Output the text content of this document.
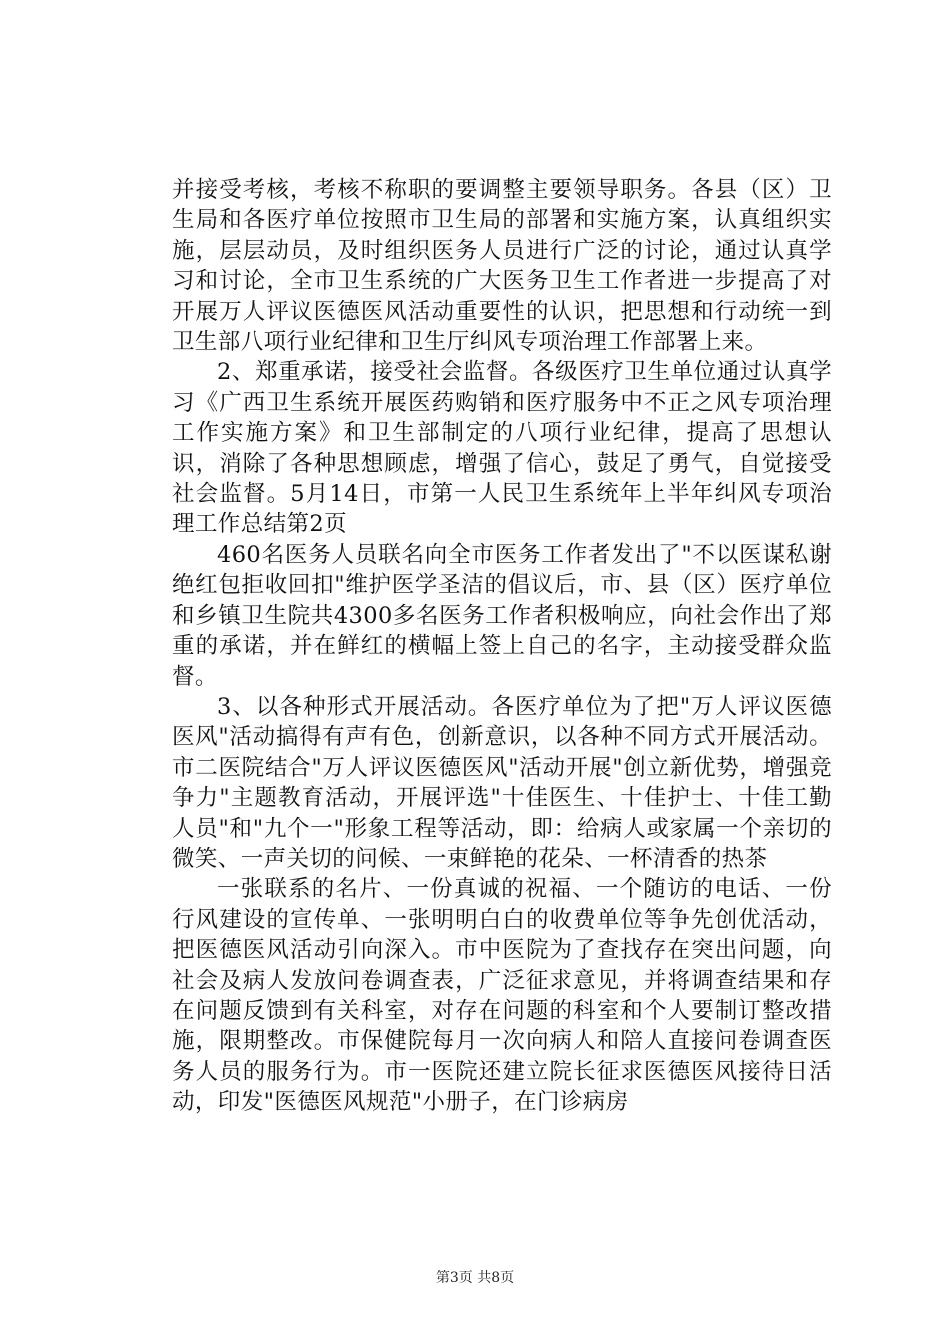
并接受考核，考核不称职的要调整主要领导职务。各县（区）卫生局和各医疗单位按照市卫生局的部署和实施方案，认真组织实施，层层动员，及时组织医务人员进行广泛的讨论，通过认真学习和讨论，全市卫生系统的广大医务卫生工作者进一步提高了对开展万人评议医德医风活动重要性的认识，把思想和行动统一到卫生部八项行业纪律和卫生厅纠风专项治理工作部署上来。

2、郑重承诺，接受社会监督。各级医疗卫生单位通过认真学习《广西卫生系统开展医药购销和医疗服务中不正之风专项治理工作实施方案》和卫生部制定的八项行业纪律，提高了思想认识，消除了各种思想顾虑，增强了信心，鼓足了勇气，自觉接受社会监督。5月14日，市第一人民卫生系统年上半年纠风专项治理工作总结第2页

460名医务人员联名向全市医务工作者发出了"不以医谋私谢绝红包拒收回扣"维护医学圣洁的倡议后，市、县（区）医疗单位和乡镇卫生院共4300多名医务工作者积极响应，向社会作出了郑重的承诺，并在鲜红的横幅上签上自己的名字，主动接受群众监督。

3、以各种形式开展活动。各医疗单位为了把"万人评议医德医风"活动搞得有声有色，创新意识，以各种不同方式开展活动。市二医院结合"万人评议医德医风"活动开展"创立新优势，增强竞争力"主题教育活动，开展评选"十佳医生、十佳护士、十佳工勤人员"和"九个一"形象工程等活动，即：给病人或家属一个亲切的微笑、一声关切的问候、一束鲜艳的花朵、一杯清香的热茶

一张联系的名片、一份真诚的祝福、一个随访的电话、一份行风建设的宣传单、一张明明白白的收费单位等争先创优活动，把医德医风活动引向深入。市中医院为了查找存在突出问题，向社会及病人发放问卷调查表，广泛征求意见，并将调查结果和存在问题反馈到有关科室，对存在问题的科室和个人要制订整改措施，限期整改。市保健院每月一次向病人和陪人直接问卷调查医务人员的服务行为。市一医院还建立院长征求医德医风接待日活动，印发"医德医风规范"小册子，在门诊病房

第3页 共8页
